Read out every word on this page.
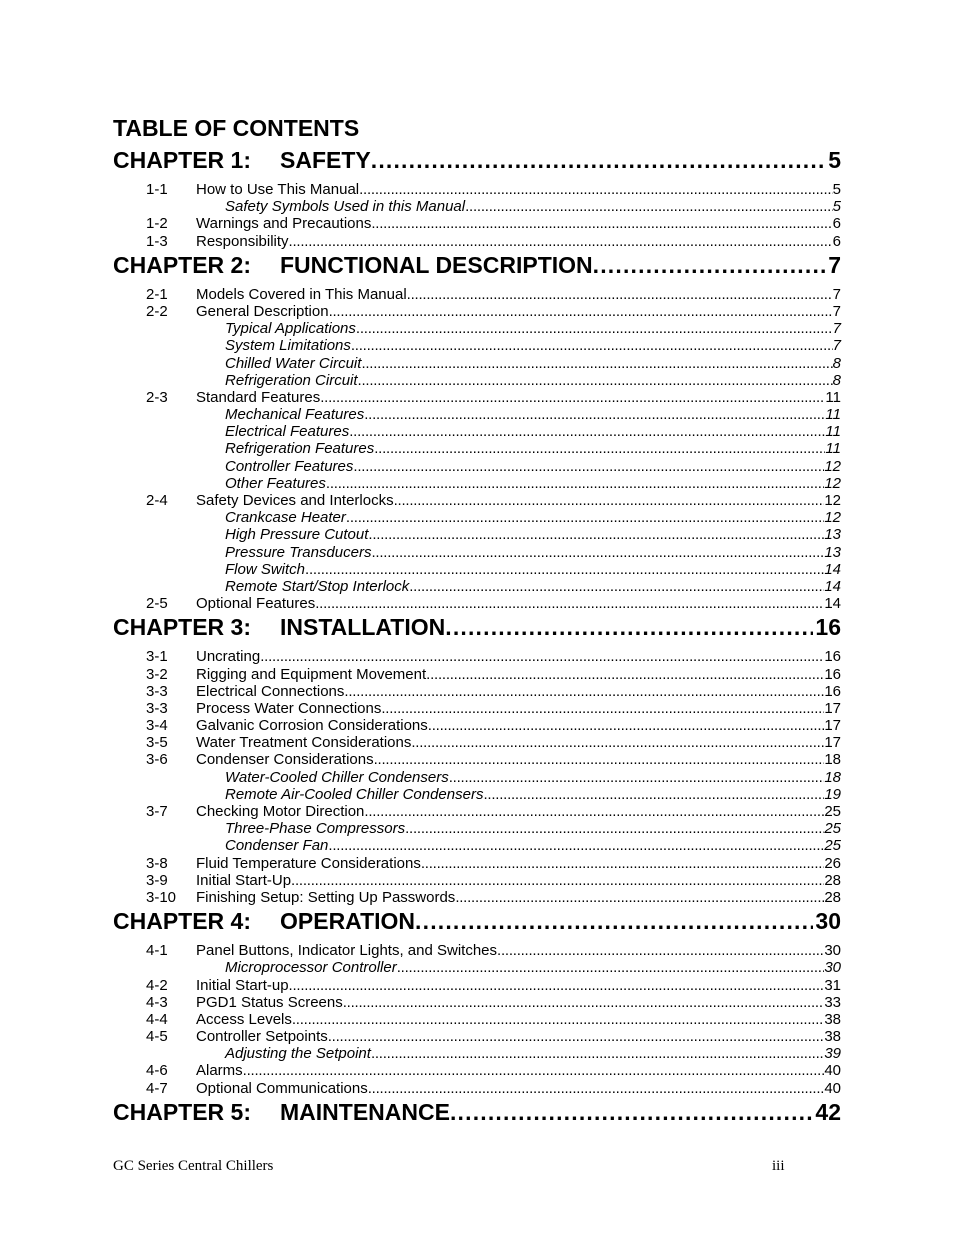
TABLE OF CONTENTS
CHAPTER 1:	SAFETY . . .	5
1-1	How to Use This Manual . . .	5
Safety Symbols Used in this Manual . . .	5
1-2	Warnings and Precautions . . .	6
1-3	Responsibility . . .	6
CHAPTER 2:	FUNCTIONAL DESCRIPTION . . .	7
2-1	Models Covered in This Manual . . .	7
2-2	General Description . . .	7
Typical Applications . . .	7
System Limitations . . .	7
Chilled Water Circuit . . .	8
Refrigeration Circuit . . .	8
2-3	Standard Features . . .	11
Mechanical Features . . .	11
Electrical Features . . .	11
Refrigeration Features . . .	11
Controller Features . . .	12
Other Features . . .	12
2-4	Safety Devices and Interlocks . . .	12
Crankcase Heater . . .	12
High Pressure Cutout . . .	13
Pressure Transducers . . .	13
Flow Switch . . .	14
Remote Start/Stop Interlock . . .	14
2-5	Optional Features . . .	14
CHAPTER 3:	INSTALLATION . . .	16
3-1	Uncrating . . .	16
3-2	Rigging and Equipment Movement . . .	16
3-3	Electrical Connections . . .	16
3-3	Process Water Connections . . .	17
3-4	Galvanic Corrosion Considerations . . .	17
3-5	Water Treatment Considerations . . .	17
3-6	Condenser Considerations . . .	18
Water-Cooled Chiller Condensers . . .	18
Remote Air-Cooled Chiller Condensers . . .	19
3-7	Checking Motor Direction . . .	25
Three-Phase Compressors . . .	25
Condenser Fan . . .	25
3-8	Fluid Temperature Considerations . . .	26
3-9	Initial Start-Up . . .	28
3-10	Finishing Setup: Setting Up Passwords . . .	28
CHAPTER 4:	OPERATION . . .	30
4-1	Panel Buttons, Indicator Lights, and Switches . . .	30
Microprocessor Controller . . .	30
4-2	Initial Start-up . . .	31
4-3	PGD1 Status Screens . . .	33
4-4	Access Levels . . .	38
4-5	Controller Setpoints . . .	38
Adjusting the Setpoint . . .	39
4-6	Alarms . . .	40
4-7	Optional Communications . . .	40
CHAPTER 5:	MAINTENANCE . . .	42
GC Series Central Chillers	iii
